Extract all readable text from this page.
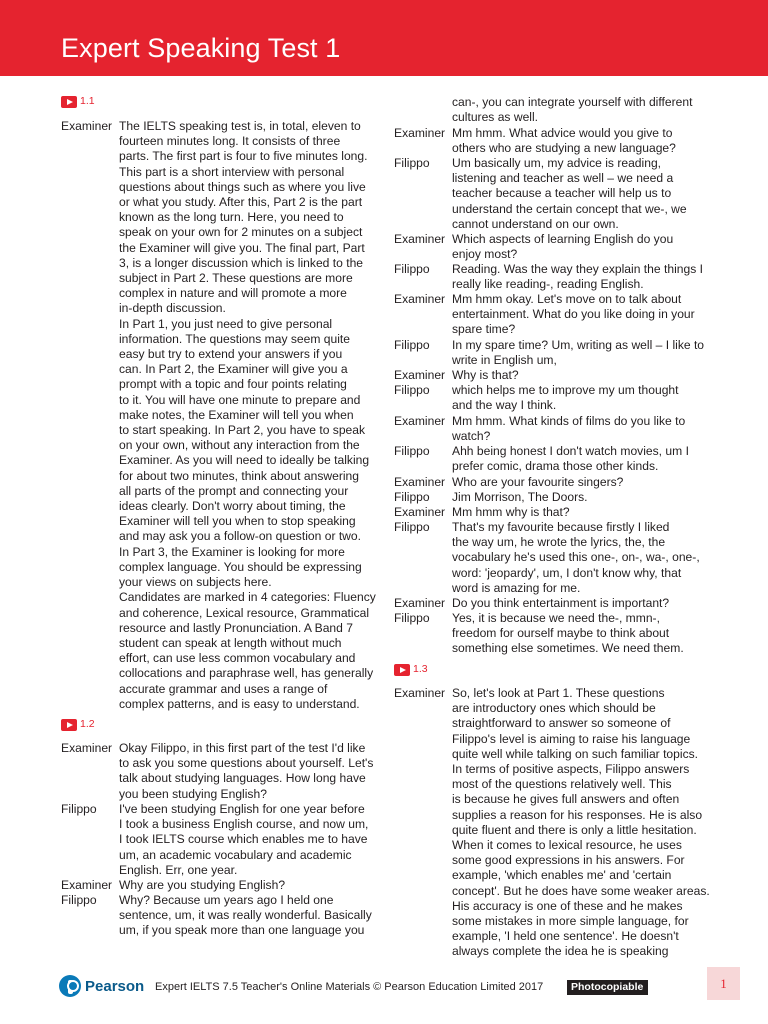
Expert Speaking Test 1
1.1
Examiner The IELTS speaking test is, in total, eleven to
fourteen minutes long. It consists of three
parts. The first part is four to five minutes long.
This part is a short interview with personal
questions about things such as where you live
or what you study. After this, Part 2 is the part
known as the long turn. Here, you need to
speak on your own for 2 minutes on a subject
the Examiner will give you. The final part, Part
3, is a longer discussion which is linked to the
subject in Part 2. These questions are more
complex in nature and will promote a more
in-depth discussion.
In Part 1, you just need to give personal
information. The questions may seem quite
easy but try to extend your answers if you
can. In Part 2, the Examiner will give you a
prompt with a topic and four points relating
to it. You will have one minute to prepare and
make notes, the Examiner will tell you when
to start speaking. In Part 2, you have to speak
on your own, without any interaction from the
Examiner. As you will need to ideally be talking
for about two minutes, think about answering
all parts of the prompt and connecting your
ideas clearly. Don't worry about timing, the
Examiner will tell you when to stop speaking
and may ask you a follow-on question or two.
In Part 3, the Examiner is looking for more
complex language. You should be expressing
your views on subjects here.
Candidates are marked in 4 categories: Fluency
and coherence, Lexical resource, Grammatical
resource and lastly Pronunciation. A Band 7
student can speak at length without much
effort, can use less common vocabulary and
collocations and paraphrase well, has generally
accurate grammar and uses a range of
complex patterns, and is easy to understand.
1.2
Examiner Okay Filippo, in this first part of the test I'd like
to ask you some questions about yourself. Let's
talk about studying languages. How long have
you been studying English?
Filippo	I've been studying English for one year before
I took a business English course, and now um,
I took IELTS course which enables me to have
um, an academic vocabulary and academic
English. Err, one year.
Examiner Why are you studying English?
Filippo	Why? Because um years ago I held one
sentence, um, it was really wonderful. Basically
um, if you speak more than one language you
can-, you can integrate yourself with different
cultures as well.
Examiner Mm hmm. What advice would you give to
others who are studying a new language?
Filippo	Um basically um, my advice is reading,
listening and teacher as well – we need a
teacher because a teacher will help us to
understand the certain concept that we-, we
cannot understand on our own.
Examiner Which aspects of learning English do you
enjoy most?
Filippo	Reading. Was the way they explain the things I
really like reading-, reading English.
Examiner Mm hmm okay. Let's move on to talk about
entertainment. What do you like doing in your
spare time?
Filippo	In my spare time? Um, writing as well – I like to
write in English um,
Examiner Why is that?
Filippo	which helps me to improve my um thought
and the way I think.
Examiner Mm hmm. What kinds of films do you like to
watch?
Filippo	Ahh being honest I don't watch movies, um I
prefer comic, drama those other kinds.
Examiner Who are your favourite singers?
Filippo	Jim Morrison, The Doors.
Examiner Mm hmm why is that?
Filippo	That's my favourite because firstly I liked
the way um, he wrote the lyrics, the, the
vocabulary he's used this one-, on-, wa-, one-,
word: 'jeopardy', um, I don't know why, that
word is amazing for me.
Examiner Do you think entertainment is important?
Filippo	Yes, it is because we need the-, mmn-,
freedom for ourself maybe to think about
something else sometimes. We need them.
1.3
Examiner So, let's look at Part 1. These questions
are introductory ones which should be
straightforward to answer so someone of
Filippo's level is aiming to raise his language
quite well while talking on such familiar topics.
In terms of positive aspects, Filippo answers
most of the questions relatively well. This
is because he gives full answers and often
supplies a reason for his responses. He is also
quite fluent and there is only a little hesitation.
When it comes to lexical resource, he uses
some good expressions in his answers. For
example, 'which enables me' and 'certain
concept'. But he does have some weaker areas.
His accuracy is one of these and he makes
some mistakes in more simple language, for
example, 'I held one sentence'. He doesn't
always complete the idea he is speaking
Pearson Expert IELTS 7.5 Teacher's Online Materials © Pearson Education Limited 2017	Photocopiable	1
